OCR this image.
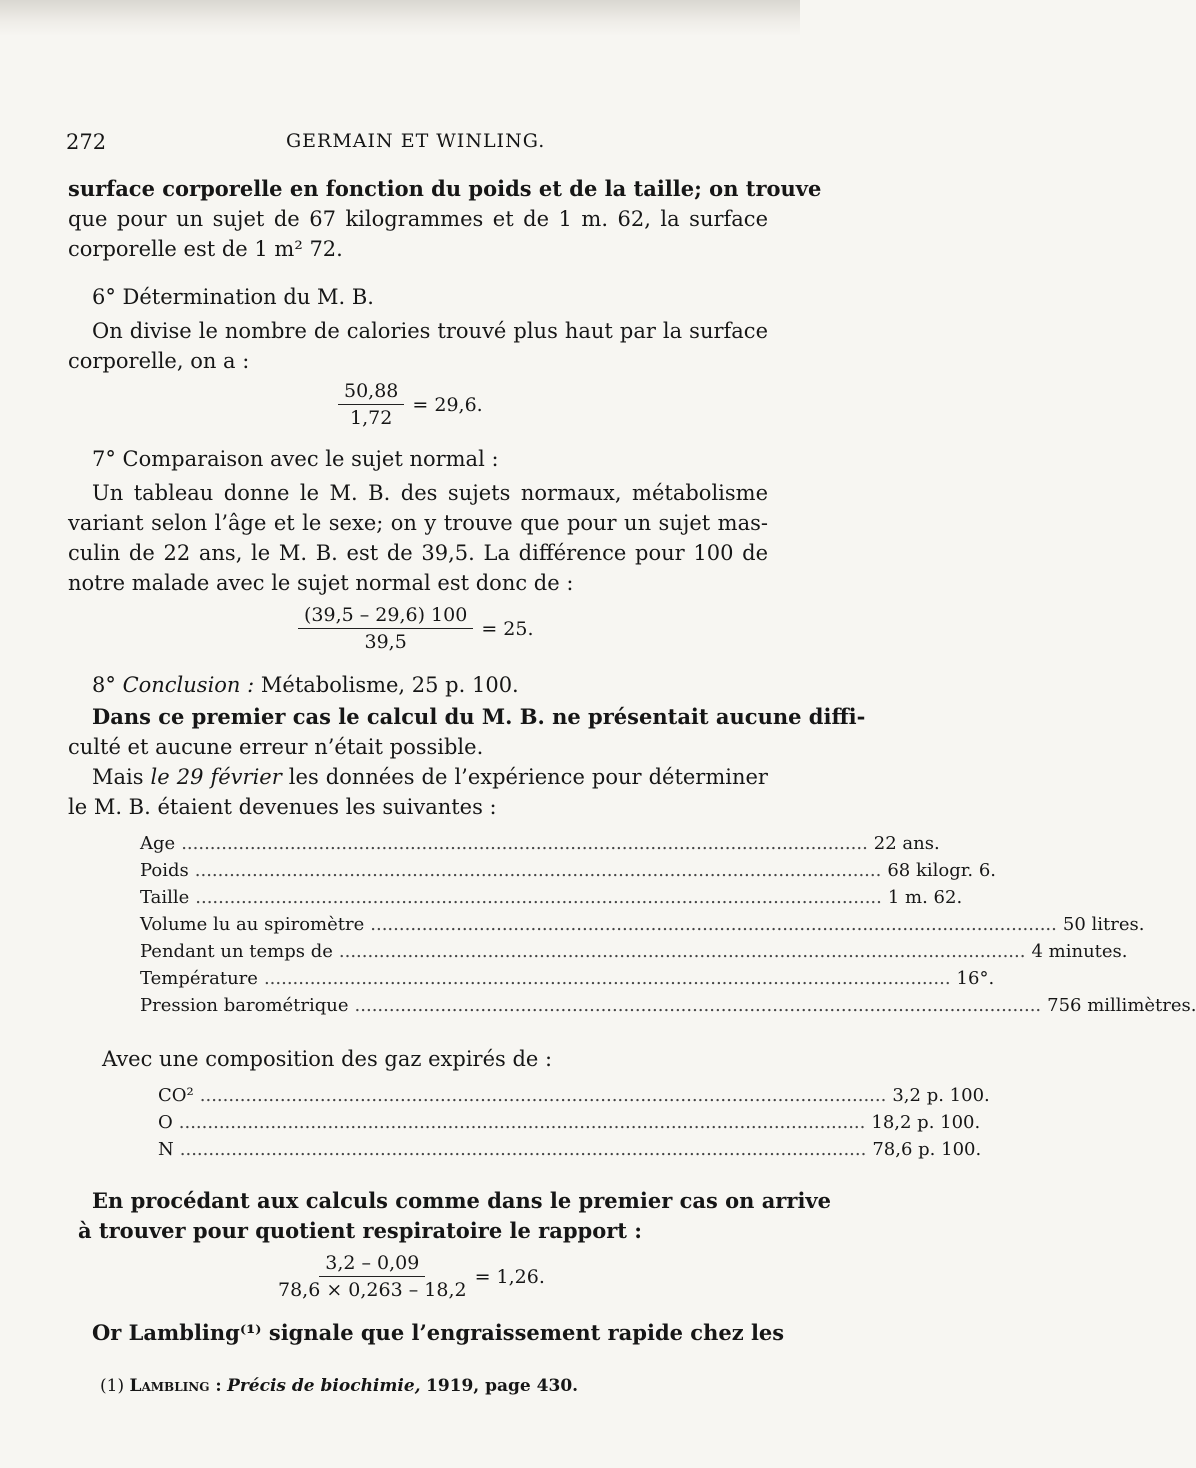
272	GERMAIN ET WINLING.
surface corporelle en fonction du poids et de la taille; on trouve
que pour un sujet de 67 kilogrammes et de 1 m. 62, la surface
corporelle est de 1 m² 72.
6° Détermination du M. B.
On divise le nombre de calories trouvé plus haut par la surface
corporelle, on a :
$\frac{50,88}{1,72} = 29,6$.
7° Comparaison avec le sujet normal :
Un tableau donne le M. B. des sujets normaux, métabolisme
variant selon l’âge et le sexe; on y trouve que pour un sujet mas-
culin de 22 ans, le M. B. est de 39,5. La différence pour 100 de
notre malade avec le sujet normal est donc de :
$\frac{(39,5 - 29,6) 100}{39,5} = 25$.
8° Conclusion : Métabolisme, 25 p. 100.
Dans ce premier cas le calcul du M. B. ne présentait aucune diffi-
culté et aucune erreur n’était possible.
Mais le 29 février les données de l’expérience pour déterminer
le M. B. étaient devenues les suivantes :
Age ........................................................................................................................ 22 ans.
Poids ........................................................................................................................ 68 kilogr. 6.
Taille ........................................................................................................................ 1 m. 62.
Volume lu au spiromètre ........................................................................................................................ 50 litres.
Pendant un temps de ........................................................................................................................ 4 minutes.
Température ........................................................................................................................ 16°.
Pression barométrique ........................................................................................................................ 756 millimètres.
Avec une composition des gaz expirés de :
CO² ........................................................................................................................ 3,2 p. 100.
O ........................................................................................................................ 18,2 p. 100.
N ........................................................................................................................ 78,6 p. 100.
En procédant aux calculs comme dans le premier cas on arrive
à trouver pour quotient respiratoire le rapport :
$\frac{3,2 - 0,09}{78,6 \times 0,263 - 18,2} = 1,26$.
Or Lambling⁽¹⁾ signale que l’engraissement rapide chez les
(1) Lambling : Précis de biochimie, 1919, page 430.
